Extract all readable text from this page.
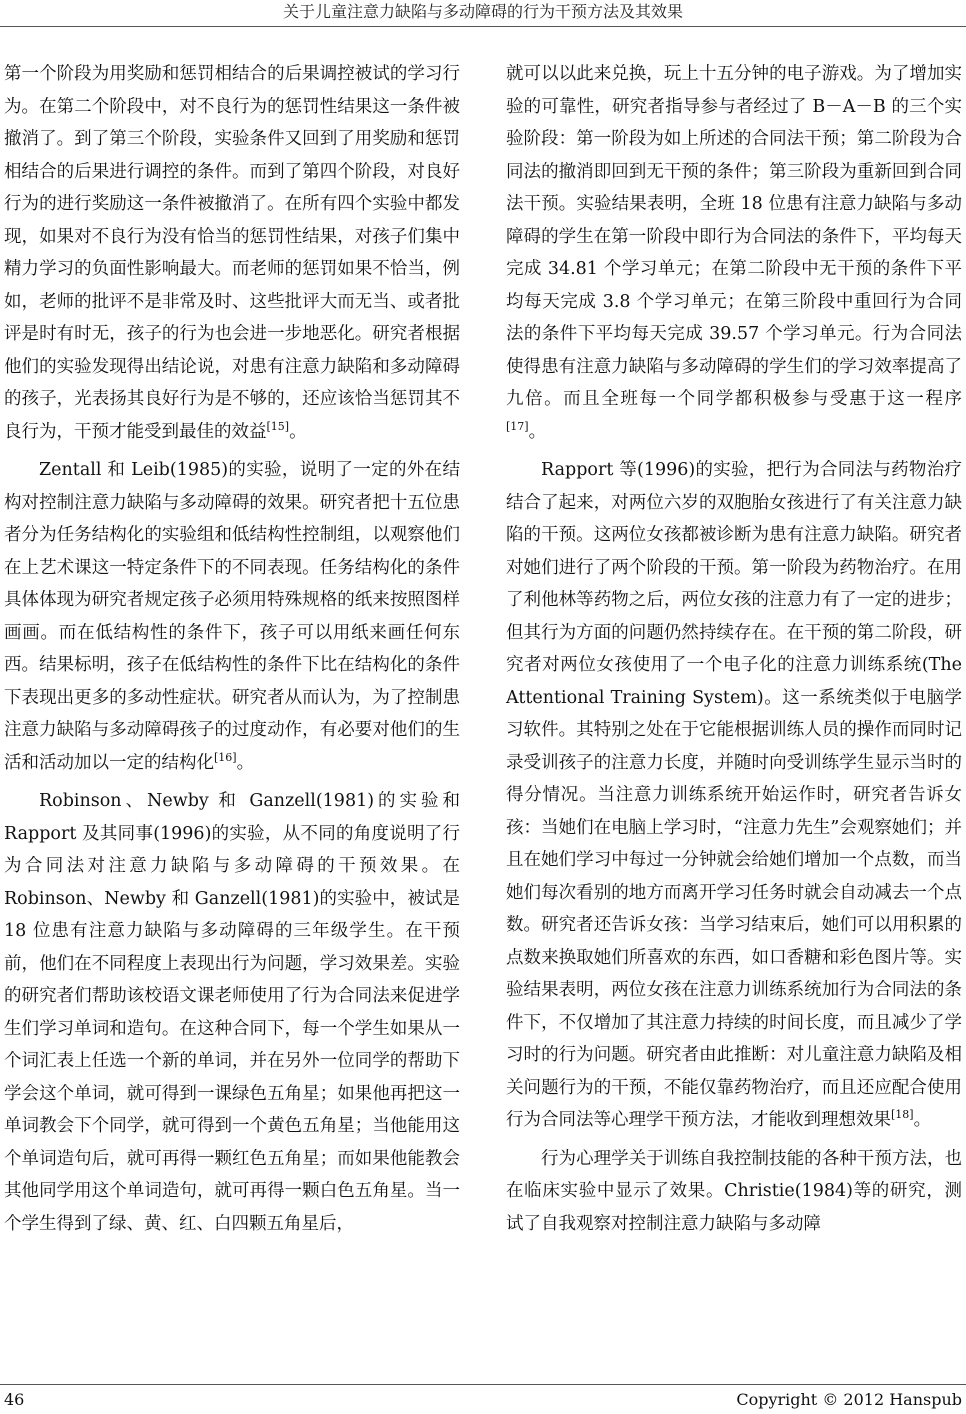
关于儿童注意力缺陷与多动障碍的行为干预方法及其效果

第一个阶段为用奖励和惩罚相结合的后果调控被试的学习行为。在第二个阶段中，对不良行为的惩罚性结果这一条件被撤消了。到了第三个阶段，实验条件又回到了用奖励和惩罚相结合的后果进行调控的条件。而到了第四个阶段，对良好行为的进行奖励这一条件被撤消了。在所有四个实验中都发现，如果对不良行为没有恰当的惩罚性结果，对孩子们集中精力学习的负面性影响最大。而老师的惩罚如果不恰当，例如，老师的批评不是非常及时、这些批评大而无当、或者批评是时有时无，孩子的行为也会进一步地恶化。研究者根据他们的实验发现得出结论说，对患有注意力缺陷和多动障碍的孩子，光表扬其良好行为是不够的，还应该恰当惩罚其不良行为，干预才能受到最佳的效益[15]。

Zentall 和 Leib(1985)的实验，说明了一定的外在结构对控制注意力缺陷与多动障碍的效果。研究者把十五位患者分为任务结构化的实验组和低结构性控制组，以观察他们在上艺术课这一特定条件下的不同表现。任务结构化的条件具体体现为研究者规定孩子必须用特殊规格的纸来按照图样画画。而在低结构性的条件下，孩子可以用纸来画任何东西。结果标明，孩子在低结构性的条件下比在结构化的条件下表现出更多的多动性症状。研究者从而认为，为了控制患注意力缺陷与多动障碍孩子的过度动作，有必要对他们的生活和活动加以一定的结构化[16]。

Robinson、Newby 和 Ganzell(1981)的实验和 Rapport 及其同事(1996)的实验，从不同的角度说明了行为合同法对注意力缺陷与多动障碍的干预效果。在 Robinson、Newby 和 Ganzell(1981)的实验中，被试是 18 位患有注意力缺陷与多动障碍的三年级学生。在干预前，他们在不同程度上表现出行为问题，学习效果差。实验的研究者们帮助该校语文课老师使用了行为合同法来促进学生们学习单词和造句。在这种合同下，每一个学生如果从一个词汇表上任选一个新的单词，并在另外一位同学的帮助下学会这个单词，就可得到一课绿色五角星；如果他再把这一单词教会下个同学，就可得到一个黄色五角星；当他能用这个单词造句后，就可再得一颗红色五角星；而如果他能教会其他同学用这个单词造句，就可再得一颗白色五角星。当一个学生得到了绿、黄、红、白四颗五角星后，

就可以以此来兑换，玩上十五分钟的电子游戏。为了增加实验的可靠性，研究者指导参与者经过了 B－A－B 的三个实验阶段：第一阶段为如上所述的合同法干预；第二阶段为合同法的撤消即回到无干预的条件；第三阶段为重新回到合同法干预。实验结果表明，全班 18 位患有注意力缺陷与多动障碍的学生在第一阶段中即行为合同法的条件下，平均每天完成 34.81 个学习单元；在第二阶段中无干预的条件下平均每天完成 3.8 个学习单元；在第三阶段中重回行为合同法的条件下平均每天完成 39.57 个学习单元。行为合同法使得患有注意力缺陷与多动障碍的学生们的学习效率提高了九倍。而且全班每一个同学都积极参与受惠于这一程序[17]。

Rapport 等(1996)的实验，把行为合同法与药物治疗结合了起来，对两位六岁的双胞胎女孩进行了有关注意力缺陷的干预。这两位女孩都被诊断为患有注意力缺陷。研究者对她们进行了两个阶段的干预。第一阶段为药物治疗。在用了利他林等药物之后，两位女孩的注意力有了一定的进步；但其行为方面的问题仍然持续存在。在干预的第二阶段，研究者对两位女孩使用了一个电子化的注意力训练系统(The Attentional Training System)。这一系统类似于电脑学习软件。其特别之处在于它能根据训练人员的操作而同时记录受训孩子的注意力长度，并随时向受训练学生显示当时的得分情况。当注意力训练系统开始运作时，研究者告诉女孩：当她们在电脑上学习时，“注意力先生”会观察她们；并且在她们学习中每过一分钟就会给她们增加一个点数，而当她们每次看别的地方而离开学习任务时就会自动减去一个点数。研究者还告诉女孩：当学习结束后，她们可以用积累的点数来换取她们所喜欢的东西，如口香糖和彩色图片等。实验结果表明，两位女孩在注意力训练系统加行为合同法的条件下，不仅增加了其注意力持续的时间长度，而且减少了学习时的行为问题。研究者由此推断：对儿童注意力缺陷及相关问题行为的干预，不能仅靠药物治疗，而且还应配合使用行为合同法等心理学干预方法，才能收到理想效果[18]。

行为心理学关于训练自我控制技能的各种干预方法，也在临床实验中显示了效果。Christie(1984)等的研究，测试了自我观察对控制注意力缺陷与多动障

46	Copyright © 2012 Hanspub
